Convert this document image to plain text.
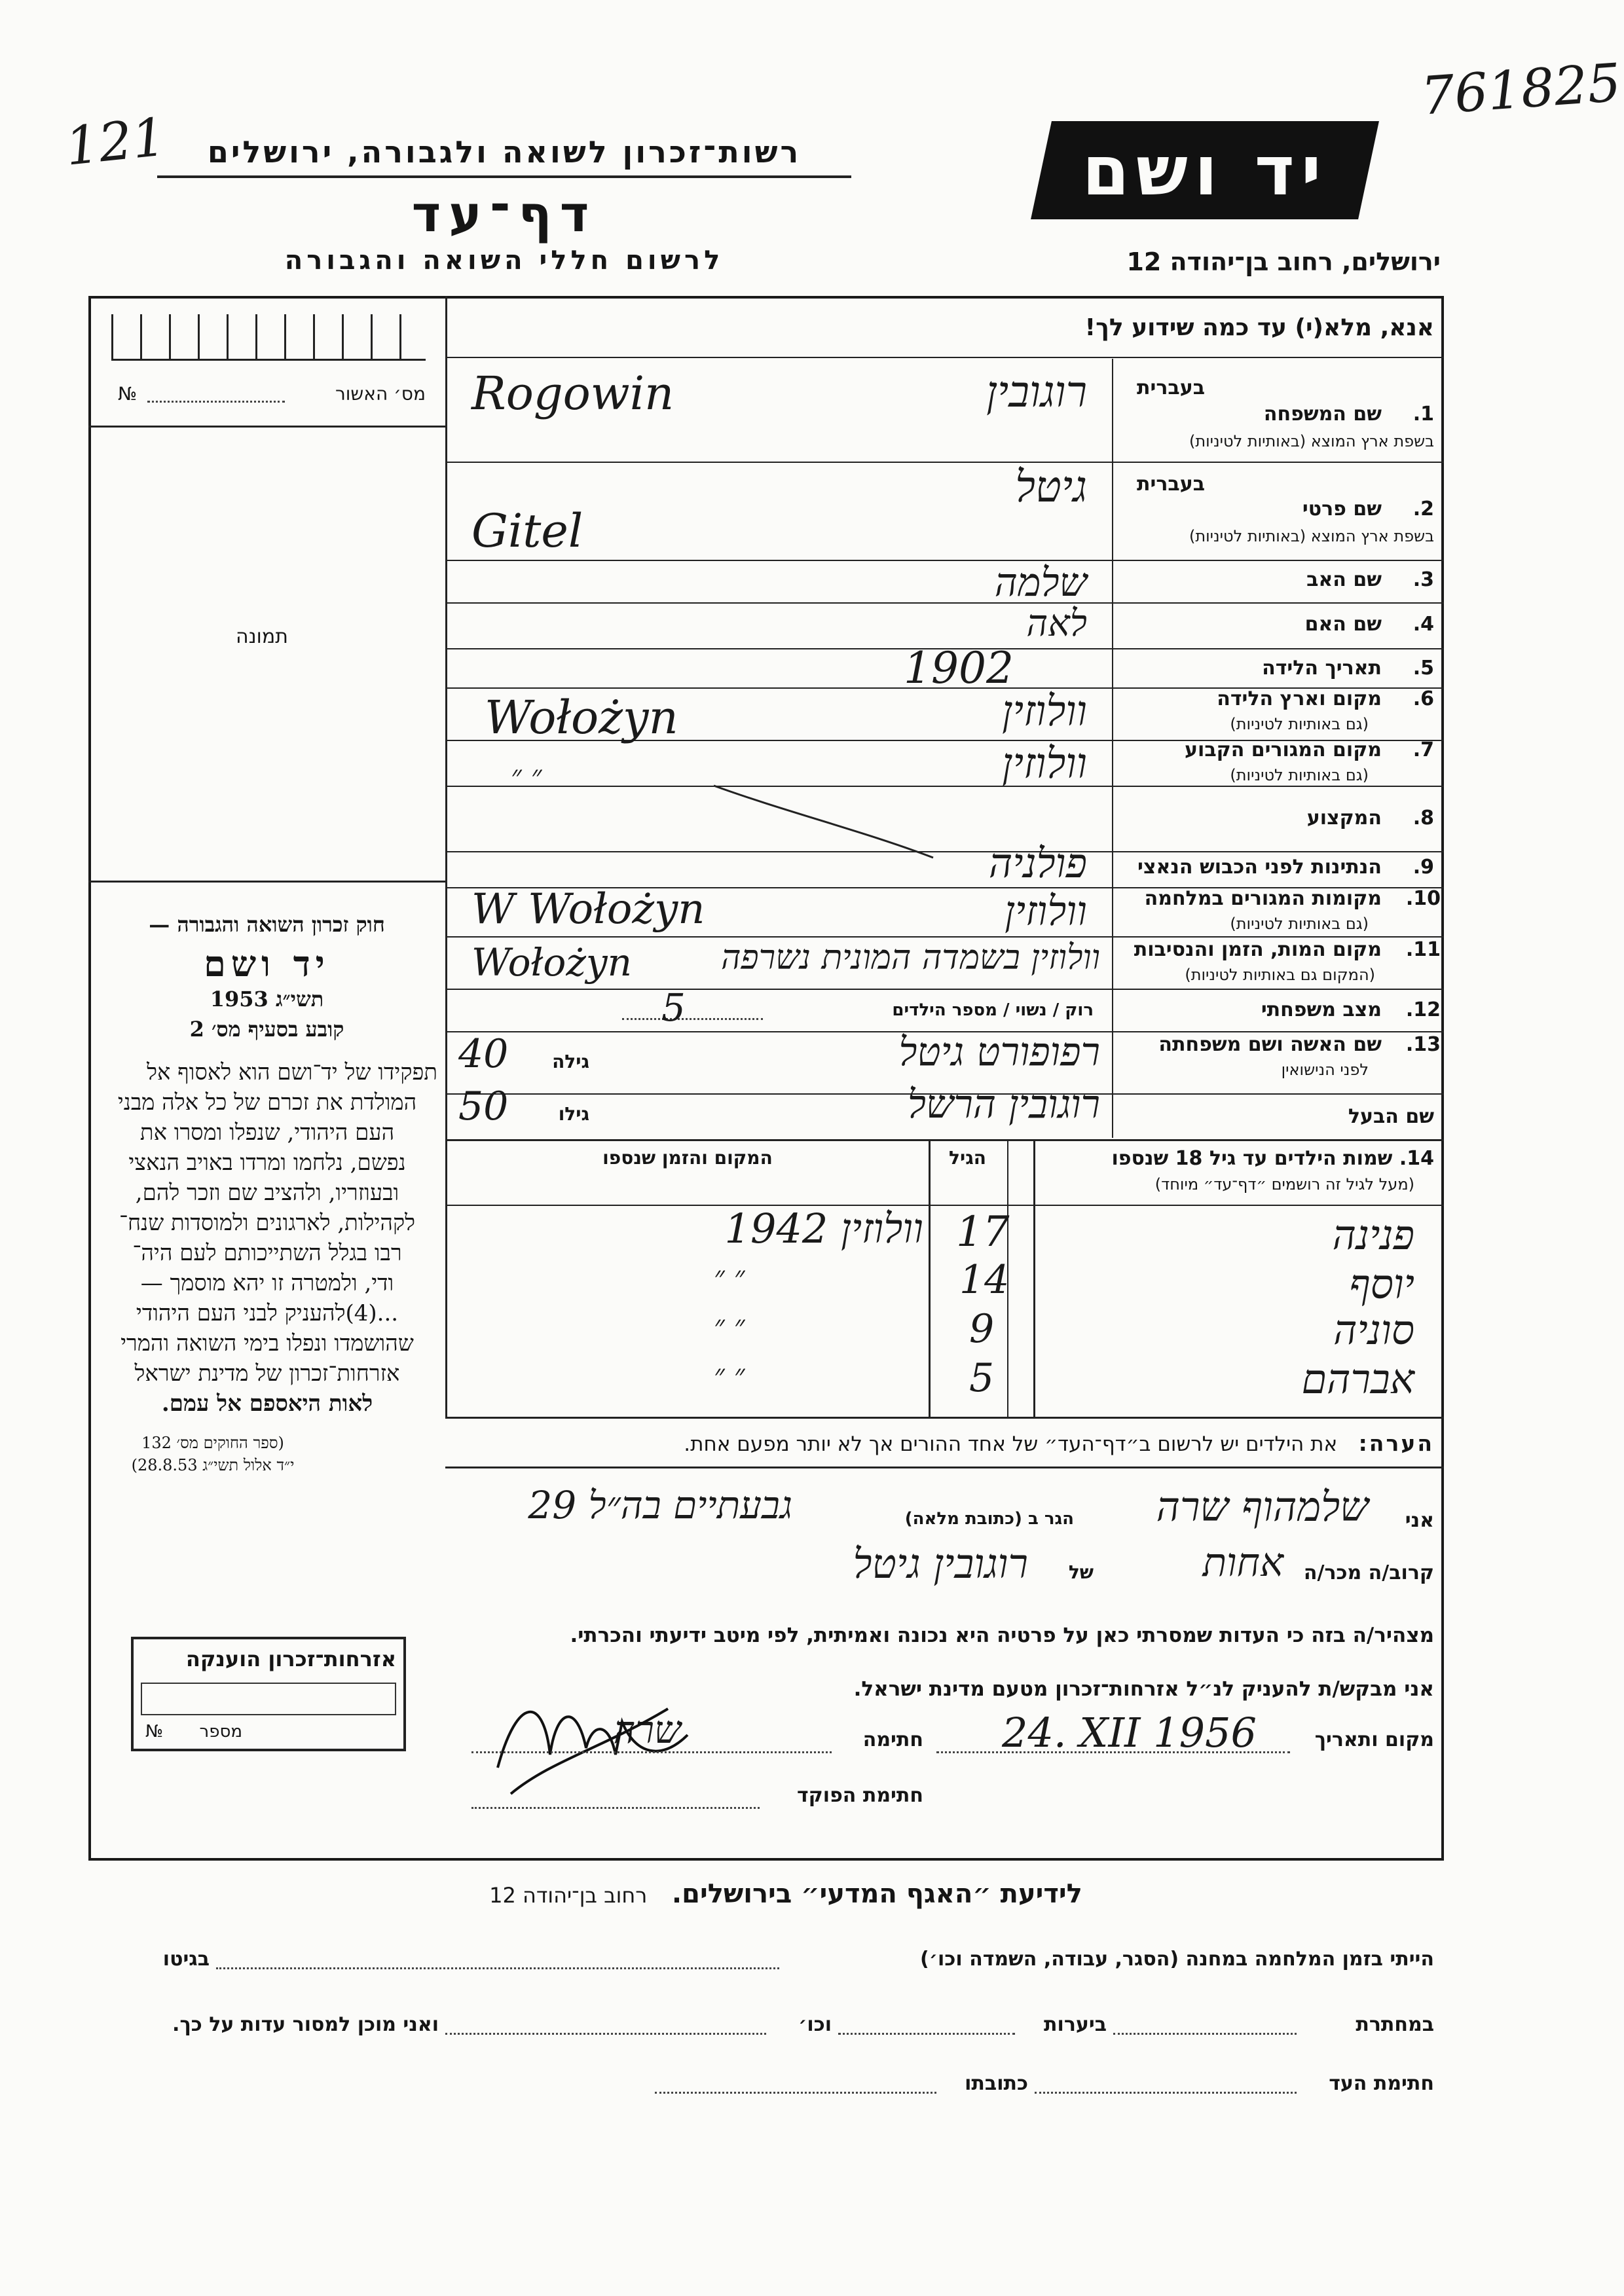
761825
121	רשות־זכרון לשואה ולגבורה, ירושלים
דף־עד
לרשום חללי השואה והגבורה
יד ושם
ירושלים, רחוב בן־יהודה 12
אנא, מלא(י) עד כמה שידוע לך!
מס׳ האשור
№
תמונה
חוק זכרון השואה והגבורה —
יד ושם
תשי״ג 1953
קובע בסעיף מס׳ 2
תפקידו של יד־ושם הוא לאסוף אל
המולדת את זכרם של כל אלה מבני
העם היהודי, שנפלו ומסרו את
נפשם, נלחמו ומרדו באויב הנאצי
ובעוזריו, ולהציב שם וזכר להם,
לקהילות, לארגונים ולמוסדות שנח־
רבו בגלל השתייכותם לעם היה־
ודי, ולמטרה זו יהא מוסמך —
...(4)להעניק לבני העם היהודי
שהושמדו ונפלו בימי השואה והמרי
אזרחות־זכרון של מדינת ישראל
לאות היאספם אל עמם.
(ספר החוקים מס׳ 132
י״ד אלול תשי״ג 28.8.53)
אזרחות־זכרון הוענקה
מספר
№
1.
שם המשפחה
בשפת ארץ המוצא (באותיות לטיניות)
בעברית
רוגובין
Rogowin
2.
שם פרטי
בשפת ארץ המוצא (באותיות לטיניות)
בעברית
גיטל
Gitel
3.
שם האב
שלמה
4.
שם האם
לאה
5.
תאריך הלידה
1902
6.
מקום וארץ הלידה
(גם באותיות לטיניות)
וולוזין
Wołożyn
7.
מקום המגורים הקבוע
(גם באותיות לטיניות)
וולוזין
״ ״
8.
המקצוע
9.
הנתינות לפני הכבוש הנאצי
פולניה
10.
מקומות המגורים במלחמה
(גם באותיות לטיניות)
וולוזין
W Wołożyn
11.
מקום המות, הזמן והנסיבות
(המקום גם באותיות לטיניות)
וולוזין בשמדה המונית נשרפה
Wołożyn
12.
מצב משפחתי
רוק / נשוי / מספר הילדים
5
13.
שם האשה ושם משפחתה
לפני הנישואין
רפופורט גיטל
גילה
40
שם הבעל
רוגובין הרשל
גילו
50
14. שמות הילדים עד גיל 18 שנספו
(מעל לגיל זה רושמים ״דף־עד״ מיוחד)
הגיל
המקום והזמן שנספו
פנינה
17
וולוזין 1942
יוסף
14
״ ״
סוניה
9
״ ״
אברהם
5
״ ״
הערה:   את הילדים יש לרשום ב״דף־העד״ של אחד ההורים אך לא יותר מפעם אחת.
אני
שלמהוף שרה
הגר ב (כתובת מלאה)
גבעתיים בה״ל 29
קרוב/ה מכר/ה
אחות
של
רוגובין גיטל
מצהיר/ה בזה כי העדות שמסרתי כאן על פרטיה היא נכונה ואמיתית, לפי מיטב ידיעתי והכרתי.
אני מבקש/ת להעניק לנ״ל אזרחות־זכרון מטעם מדינת ישראל.
מקום ותאריך
24. XII 1956
חתימה
שרה
חתימת הפוקד
לידיעת ״האגף המדעי״ בירושלים.   רחוב בן־יהודה 12
הייתי בזמן המלחמה במחנה (הסגר, עבודה, השמדה וכו׳)
בגיטו
במחתרת
ביערות
וכו׳
ואני מוכן למסור עדות על כך.
חתימת העד
כתובתו
